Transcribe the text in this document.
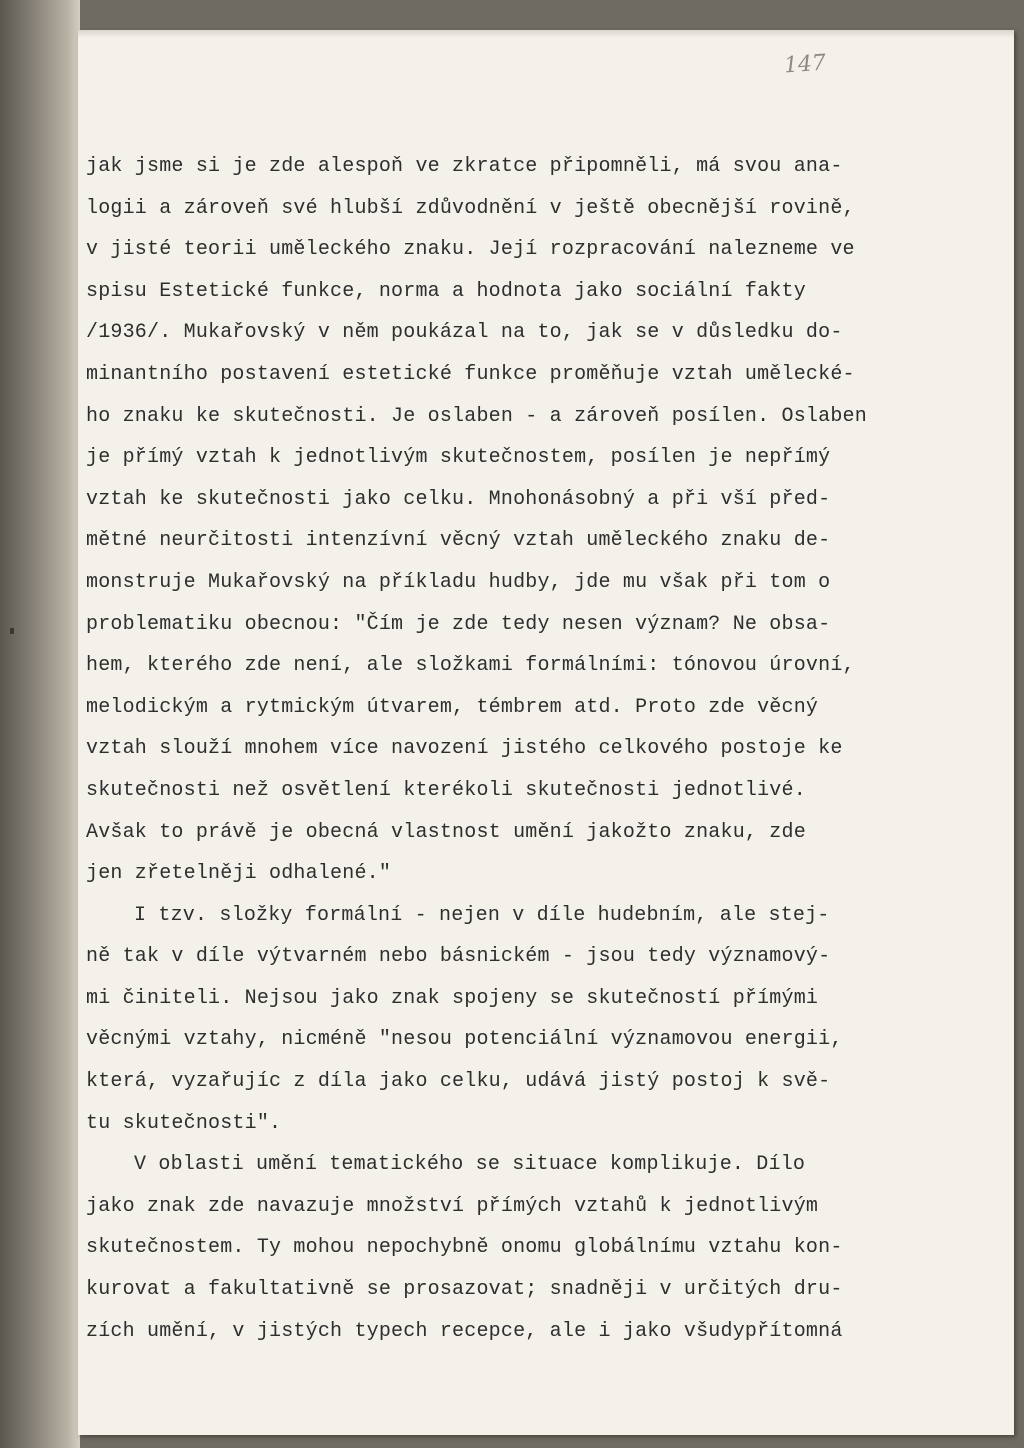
147
jak jsme si je zde alespoň ve zkratce připomněli, má svou ana-
logii a zároveň své hlubší zdůvodnění v ještě obecnější rovině,
v jisté teorii uměleckého znaku. Její rozpracování nalezneme ve
spisu Estetické funkce, norma a hodnota jako sociální fakty
/1936/. Mukařovský v něm poukázal na to, jak se v důsledku do-
minantního postavení estetické funkce proměňuje vztah umělecké-
ho znaku ke skutečnosti. Je oslaben - a zároveň posílen. Oslaben
je přímý vztah k jednotlivým skutečnostem, posílen je nepřímý
vztah ke skutečnosti jako celku. Mnohonásobný a při vší před-
mětné neurčitosti intenzívní věcný vztah uměleckého znaku de-
monstruje Mukařovský na příkladu hudby, jde mu však při tom o
problematiku obecnou: "Čím je zde tedy nesen význam? Ne obsa-
hem, kterého zde není, ale složkami formálními: tónovou úrovní,
melodickým a rytmickým útvarem, témbrem atd. Proto zde věcný
vztah slouží mnohem více navození jistého celkového postoje ke
skutečnosti než osvětlení kterékoli skutečnosti jednotlivé.
Avšak to právě je obecná vlastnost umění jakožto znaku, zde
jen zřetelněji odhalené."
I tzv. složky formální - nejen v díle hudebním, ale stej-
ně tak v díle výtvarném nebo básnickém - jsou tedy významový-
mi činiteli. Nejsou jako znak spojeny se skutečností přímými
věcnými vztahy, nicméně "nesou potenciální významovou energii,
která, vyzařujíc z díla jako celku, udává jistý postoj k svě-
tu skutečnosti".
V oblasti umění tematického se situace komplikuje. Dílo
jako znak zde navazuje množství přímých vztahů k jednotlivým
skutečnostem. Ty mohou nepochybně onomu globálnímu vztahu kon-
kurovat a fakultativně se prosazovat; snadněji v určitých dru-
zích umění, v jistých typech recepce, ale i jako všudypřítomná
